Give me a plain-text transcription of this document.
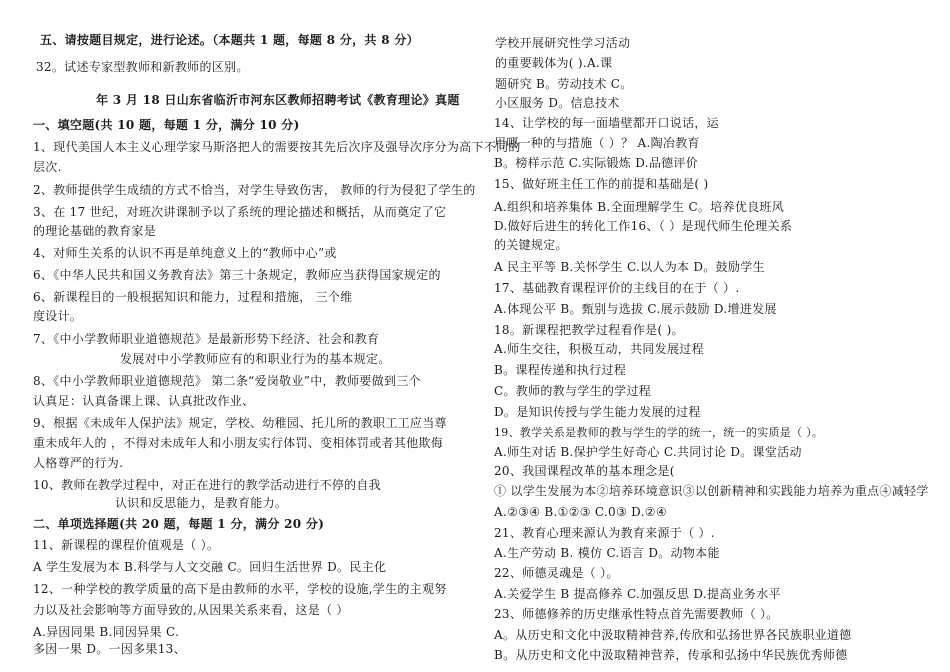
五、请按题目规定，进行论述。（本题共 1 题，每题 8 分，共 8 分）
32。试述专家型教师和新教师的区别。
年 3 月 18 日山东省临沂市河东区教师招聘考试《教育理论》真题
一、填空题(共 10 题，每题 1 分，满分 10 分)
1、现代美国人本主义心理学家马斯洛把人的需要按其先后次序及强导次序分为高下不同的
层次.
2、教师提供学生成绩的方式不恰当，对学生导致伤害， 教师的行为侵犯了学生的
3、在 17 世纪，对班次讲课制予以了系统的理论描述和概括，从而奠定了它
的理论基础的教育家是
4、对师生关系的认识不再是单纯意义上的“教师中心”或
6、《中华人民共和国义务教育法》第三十条规定，教师应当获得国家规定的
6、新课程目的一般根据知识和能力，过程和措施， 三个维
度设计。
7、《中小学教师职业道德规范》是最新形势下经济、社会和教育
发展对中小学教师应有的和职业行为的基本规定。
8、《中小学教师职业道德规范》 第二条“爱岗敬业”中，教师要做到三个
认真足：认真备课上课、认真批改作业、
9、根据《未成年人保护法》规定，学校、幼稚园、托儿所的教职工工应当尊
重未成年人的 ，不得对未成年人和小朋友实行体罚、变相体罚或者其他欺侮
人格尊严的行为.
10、教师在教学过程中，对正在进行的教学活动进行不停的自我
认识和反思能力，是教育能力。
二、单项选择题(共 20 题，每题 1 分，满分 20 分)
11、新课程的课程价值观是（ ）。
A 学生发展为本 B.科学与人文交融 C。回归生活世界 D。民主化
12、一种学校的教学质量的高下是由教师的水平，学校的设施,学生的主观努
力以及社会影响等方面导致的,从因果关系来看，这是（ ）
A.异因同果 B.同因异果 C.
多因一果 D。一因多果13、
学校开展研究性学习活动
的重要载体为( ).A.课
题研究 B。劳动技术 C。
小区服务 D。信息技术
14、让学校的每一面墙壁都开口说话，运
用哪一种的与措施（ ）？ A.陶冶教育
B。榜样示范 C.实际锻炼 D.品德评价
15、做好班主任工作的前提和基础是( )
A.组织和培养集体 B.全面理解学生 C。培养优良班风
D.做好后进生的转化工作16、（ ）是现代师生伦理关系
的关键规定。
A 民主平等 B.关怀学生 C.以人为本 D。鼓励学生
17、基础教育课程评价的主线目的在于（ ）.
A.体现公平 B。甄别与选拔 C.展示鼓励 D.增进发展
18。新课程把教学过程看作是( )。
A.师生交往，积极互动，共同发展过程
B。课程传递和执行过程
C。教师的教与学生的学过程
D。是知识传授与学生能力发展的过程
19、教学关系是教师的教与学生的学的统一，统一的实质是（ ）。
A.师生对话 B.保护学生好奇心 C.共同讨论 D。课堂活动
20、我国课程改革的基本理念是(
① 以学生发展为本②培养环境意识③以创新精神和实践能力培养为重点④减轻学
A.②③④ B.①②③ C.0③ D.②④
21、教育心理来源认为教育来源于（ ）.
A.生产劳动 B. 模仿 C.语言 D。动物本能
22、师德灵魂是（ ）。
A.关爱学生 B 提高修养 C.加强反思 D.提高业务水平
23、师德修养的历史继承性特点首先需要教师（ ）。
A。从历史和文化中汲取精神营养,传欣和弘扬世界各民族职业道德
B。从历史和文化中汲取精神营养，传承和弘扬中华民族优秀师德
